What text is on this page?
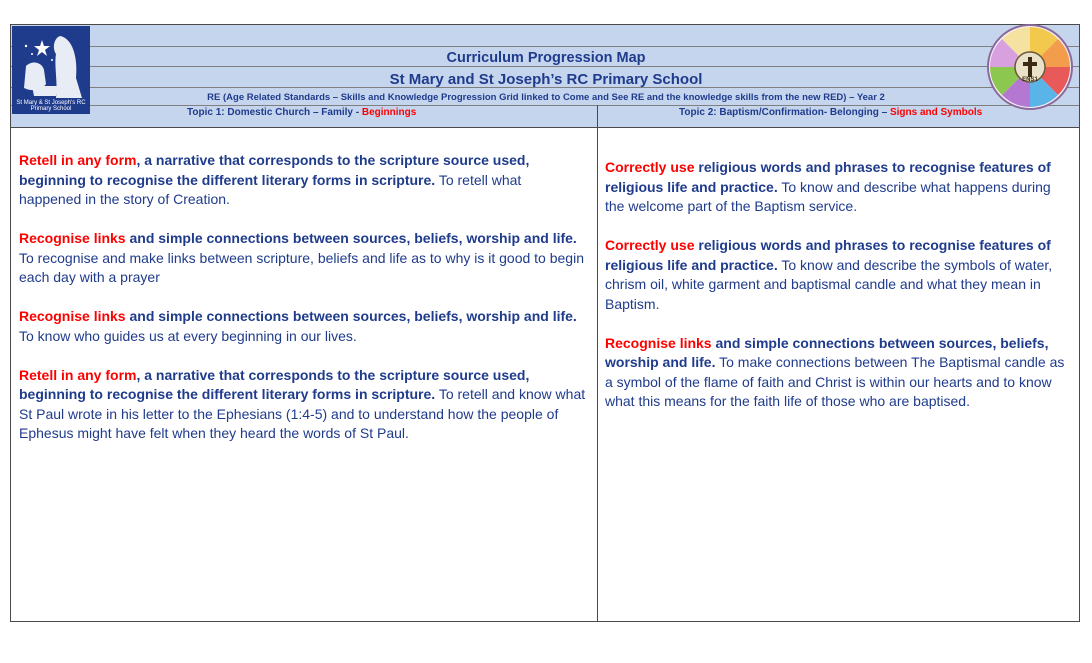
St Mary & St Joseph's RC Primary School
ENS1
Curriculum Progression Map
St Mary and St Joseph’s RC Primary School
RE (Age Related Standards – Skills and Knowledge Progression Grid linked to Come and See RE and the knowledge skills from the new RED) – Year 2
Topic 1: Domestic Church – Family - Beginnings	Topic 2: Baptism/Confirmation- Belonging – Signs and Symbols

Retell in any form, a narrative that corresponds to the scripture source used, beginning to recognise the different literary forms in scripture. To retell what happened in the story of Creation.

Recognise links and simple connections between sources, beliefs, worship and life. To recognise and make links between scripture, beliefs and life as to why is it good to begin each day with a prayer

Recognise links and simple connections between sources, beliefs, worship and life. To know who guides us at every beginning in our lives.

Retell in any form, a narrative that corresponds to the scripture source used, beginning to recognise the different literary forms in scripture. To retell and know what St Paul wrote in his letter to the Ephesians (1:4-5) and to understand how the people of Ephesus might have felt when they heard the words of St Paul.

Correctly use religious words and phrases to recognise features of religious life and practice. To know and describe what happens during the welcome part of the Baptism service.

Correctly use religious words and phrases to recognise features of religious life and practice. To know and describe the symbols of water, chrism oil, white garment and baptismal candle and what they mean in Baptism.

Recognise links and simple connections between sources, beliefs, worship and life. To make connections between The Baptismal candle as a symbol of the flame of faith and Christ is within our hearts and to know what this means for the faith life of those who are baptised.
